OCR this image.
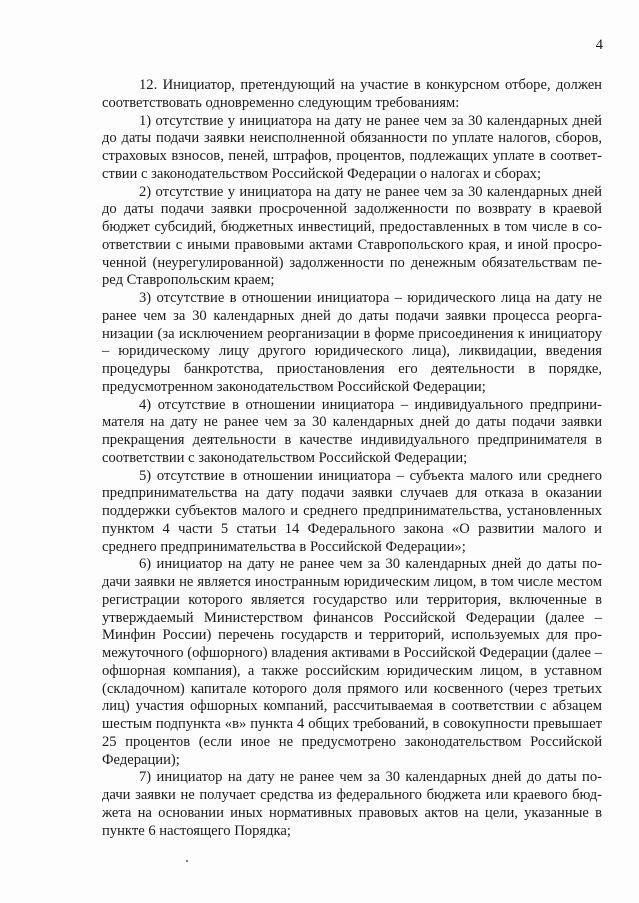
4

12. Инициатор, претендующий на участие в конкурсном отборе, должен соответствовать одновременно следующим требованиям:

1) отсутствие у инициатора на дату не ранее чем за 30 календарных дней до даты подачи заявки неисполненной обязанности по уплате налогов, сборов, страховых взносов, пеней, штрафов, процентов, подлежащих уплате в соответствии с законодательством Российской Федерации о налогах и сборах;

2) отсутствие у инициатора на дату не ранее чем за 30 календарных дней до даты подачи заявки просроченной задолженности по возврату в краевой бюджет субсидий, бюджетных инвестиций, предоставленных в том числе в соответствии с иными правовыми актами Ставропольского края, и иной просроченной (неурегулированной) задолженности по денежным обязательствам перед Ставропольским краем;

3) отсутствие в отношении инициатора – юридического лица на дату не ранее чем за 30 календарных дней до даты подачи заявки процесса реорганизации (за исключением реорганизации в форме присоединения к инициатору – юридическому лицу другого юридического лица), ликвидации, введения процедуры банкротства, приостановления его деятельности в порядке, предусмотренном законодательством Российской Федерации;

4) отсутствие в отношении инициатора – индивидуального предпринимателя на дату не ранее чем за 30 календарных дней до даты подачи заявки прекращения деятельности в качестве индивидуального предпринимателя в соответствии с законодательством Российской Федерации;

5) отсутствие в отношении инициатора – субъекта малого или среднего предпринимательства на дату подачи заявки случаев для отказа в оказании поддержки субъектов малого и среднего предпринимательства, установленных пунктом 4 части 5 статьи 14 Федерального закона «О развитии малого и среднего предпринимательства в Российской Федерации»;

6) инициатор на дату не ранее чем за 30 календарных дней до даты подачи заявки не является иностранным юридическим лицом, в том числе местом регистрации которого является государство или территория, включенные в утверждаемый Министерством финансов Российской Федерации (далее – Минфин России) перечень государств и территорий, используемых для промежуточного (офшорного) владения активами в Российской Федерации (далее – офшорная компания), а также российским юридическим лицом, в уставном (складочном) капитале которого доля прямого или косвенного (через третьих лиц) участия офшорных компаний, рассчитываемая в соответствии с абзацем шестым подпункта «в» пункта 4 общих требований, в совокупности превышает 25 процентов (если иное не предусмотрено законодательством Российской Федерации);

7) инициатор на дату не ранее чем за 30 календарных дней до даты подачи заявки не получает средства из федерального бюджета или краевого бюджета на основании иных нормативных правовых актов на цели, указанные в пункте 6 настоящего Порядка;
